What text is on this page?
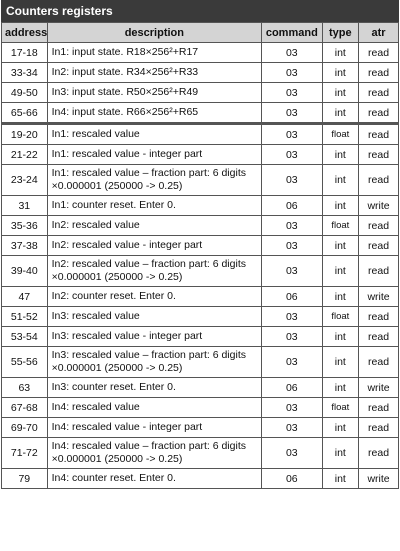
Counters registers
address	description	command	type	atr
17-18	In1: input state. R18×256²+R17	03	int	read
33-34	In2: input state. R34×256²+R33	03	int	read
49-50	In3: input state. R50×256²+R49	03	int	read
65-66	In4: input state. R66×256²+R65	03	int	read
19-20	In1: rescaled value	03	float	read
21-22	In1: rescaled value - integer part	03	int	read
23-24	In1: rescaled value – fraction part: 6 digits ×0.000001 (250000 -> 0.25)	03	int	read
31	In1: counter reset. Enter 0.	06	int	write
35-36	In2: rescaled value	03	float	read
37-38	In2: rescaled value - integer part	03	int	read
39-40	In2: rescaled value – fraction part: 6 digits ×0.000001 (250000 -> 0.25)	03	int	read
47	In2: counter reset. Enter 0.	06	int	write
51-52	In3: rescaled value	03	float	read
53-54	In3: rescaled value - integer part	03	int	read
55-56	In3: rescaled value – fraction part: 6 digits ×0.000001 (250000 -> 0.25)	03	int	read
63	In3: counter reset. Enter 0.	06	int	write
67-68	In4: rescaled value	03	float	read
69-70	In4: rescaled value - integer part	03	int	read
71-72	In4: rescaled value – fraction part: 6 digits ×0.000001 (250000 -> 0.25)	03	int	read
79	In4: counter reset. Enter 0.	06	int	write
